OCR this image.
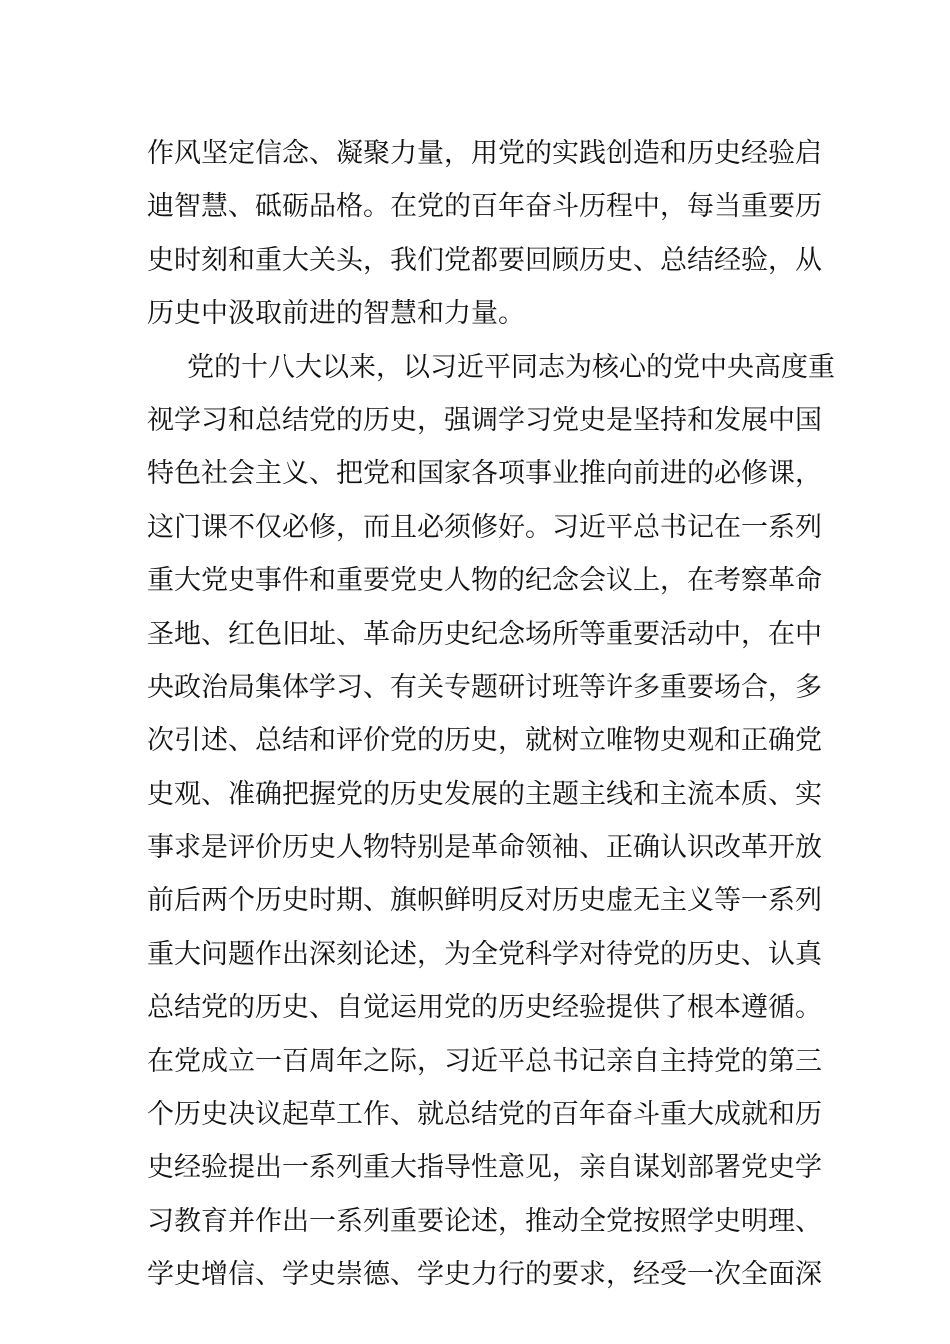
作风坚定信念、凝聚力量，用党的实践创造和历史经验启
迪智慧、砥砺品格。在党的百年奋斗历程中，每当重要历
史时刻和重大关头，我们党都要回顾历史、总结经验，从
历史中汲取前进的智慧和力量。
党的十八大以来，以习近平同志为核心的党中央高度重
视学习和总结党的历史，强调学习党史是坚持和发展中国
特色社会主义、把党和国家各项事业推向前进的必修课，
这门课不仅必修，而且必须修好。习近平总书记在一系列
重大党史事件和重要党史人物的纪念会议上，在考察革命
圣地、红色旧址、革命历史纪念场所等重要活动中，在中
央政治局集体学习、有关专题研讨班等许多重要场合，多
次引述、总结和评价党的历史，就树立唯物史观和正确党
史观、准确把握党的历史发展的主题主线和主流本质、实
事求是评价历史人物特别是革命领袖、正确认识改革开放
前后两个历史时期、旗帜鲜明反对历史虚无主义等一系列
重大问题作出深刻论述，为全党科学对待党的历史、认真
总结党的历史、自觉运用党的历史经验提供了根本遵循。
在党成立一百周年之际，习近平总书记亲自主持党的第三
个历史决议起草工作、就总结党的百年奋斗重大成就和历
史经验提出一系列重大指导性意见，亲自谋划部署党史学
习教育并作出一系列重要论述，推动全党按照学史明理、
学史增信、学史崇德、学史力行的要求，经受一次全面深
